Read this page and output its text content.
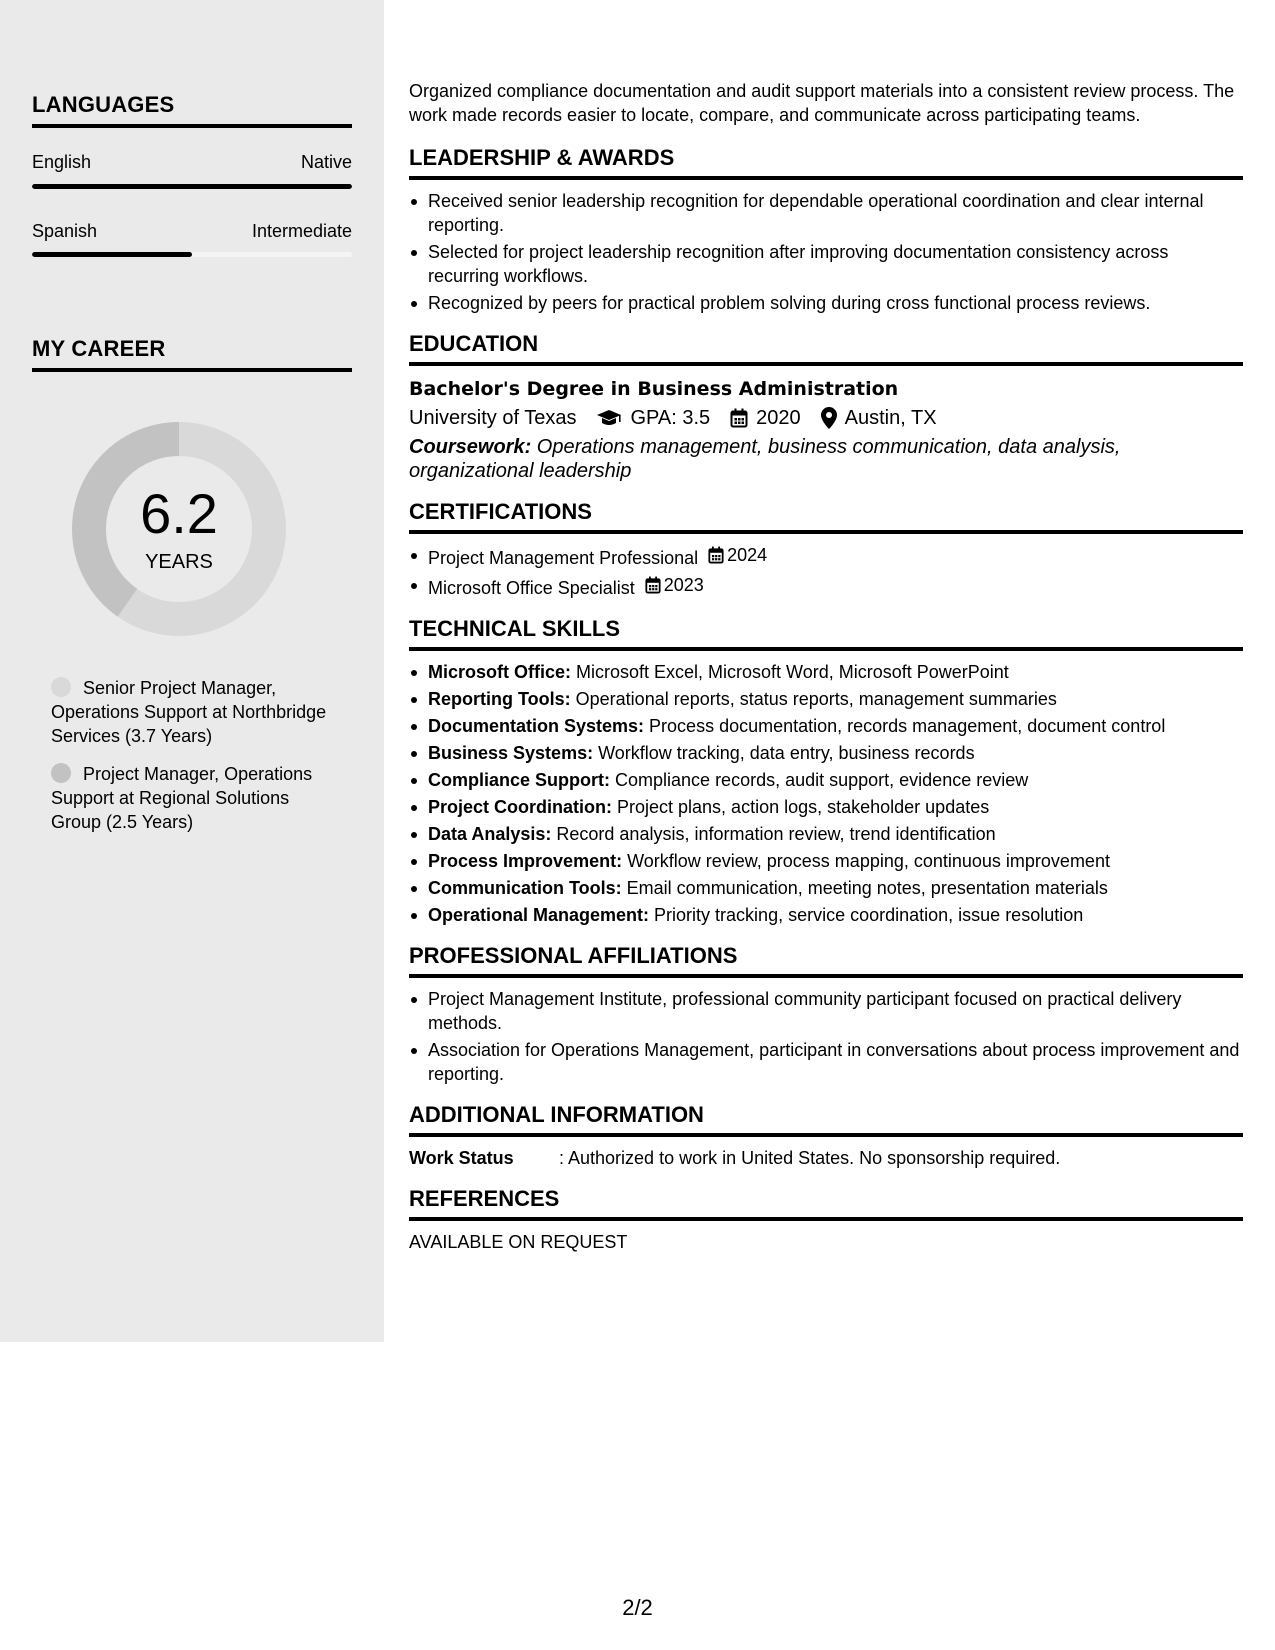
LANGUAGES
English	Native
Spanish	Intermediate
MY CAREER
6.2
YEARS
Senior Project Manager, Operations Support at Northbridge Services (3.7 Years)
Project Manager, Operations Support at Regional Solutions Group (2.5 Years)

Organized compliance documentation and audit support materials into a consistent review process. The work made records easier to locate, compare, and communicate across participating teams.

LEADERSHIP & AWARDS
Received senior leadership recognition for dependable operational coordination and clear internal reporting.
Selected for project leadership recognition after improving documentation consistency across recurring workflows.
Recognized by peers for practical problem solving during cross functional process reviews.
EDUCATION
Bachelor's Degree in Business Administration
University of Texas	GPA: 3.5 2020 Austin, TX
Coursework: Operations management, business communication, data analysis, organizational leadership
CERTIFICATIONS
Project Management Professional 2024
Microsoft Office Specialist 2023
TECHNICAL SKILLS
Microsoft Office: Microsoft Excel, Microsoft Word, Microsoft PowerPoint
Reporting Tools: Operational reports, status reports, management summaries
Documentation Systems: Process documentation, records management, document control
Business Systems: Workflow tracking, data entry, business records
Compliance Support: Compliance records, audit support, evidence review
Project Coordination: Project plans, action logs, stakeholder updates
Data Analysis: Record analysis, information review, trend identification
Process Improvement: Workflow review, process mapping, continuous improvement
Communication Tools: Email communication, meeting notes, presentation materials
Operational Management: Priority tracking, service coordination, issue resolution
PROFESSIONAL AFFILIATIONS
Project Management Institute, professional community participant focused on practical delivery methods.
Association for Operations Management, participant in conversations about process improvement and reporting.
ADDITIONAL INFORMATION
Work Status	: Authorized to work in United States. No sponsorship required.
REFERENCES
AVAILABLE ON REQUEST
2/2
